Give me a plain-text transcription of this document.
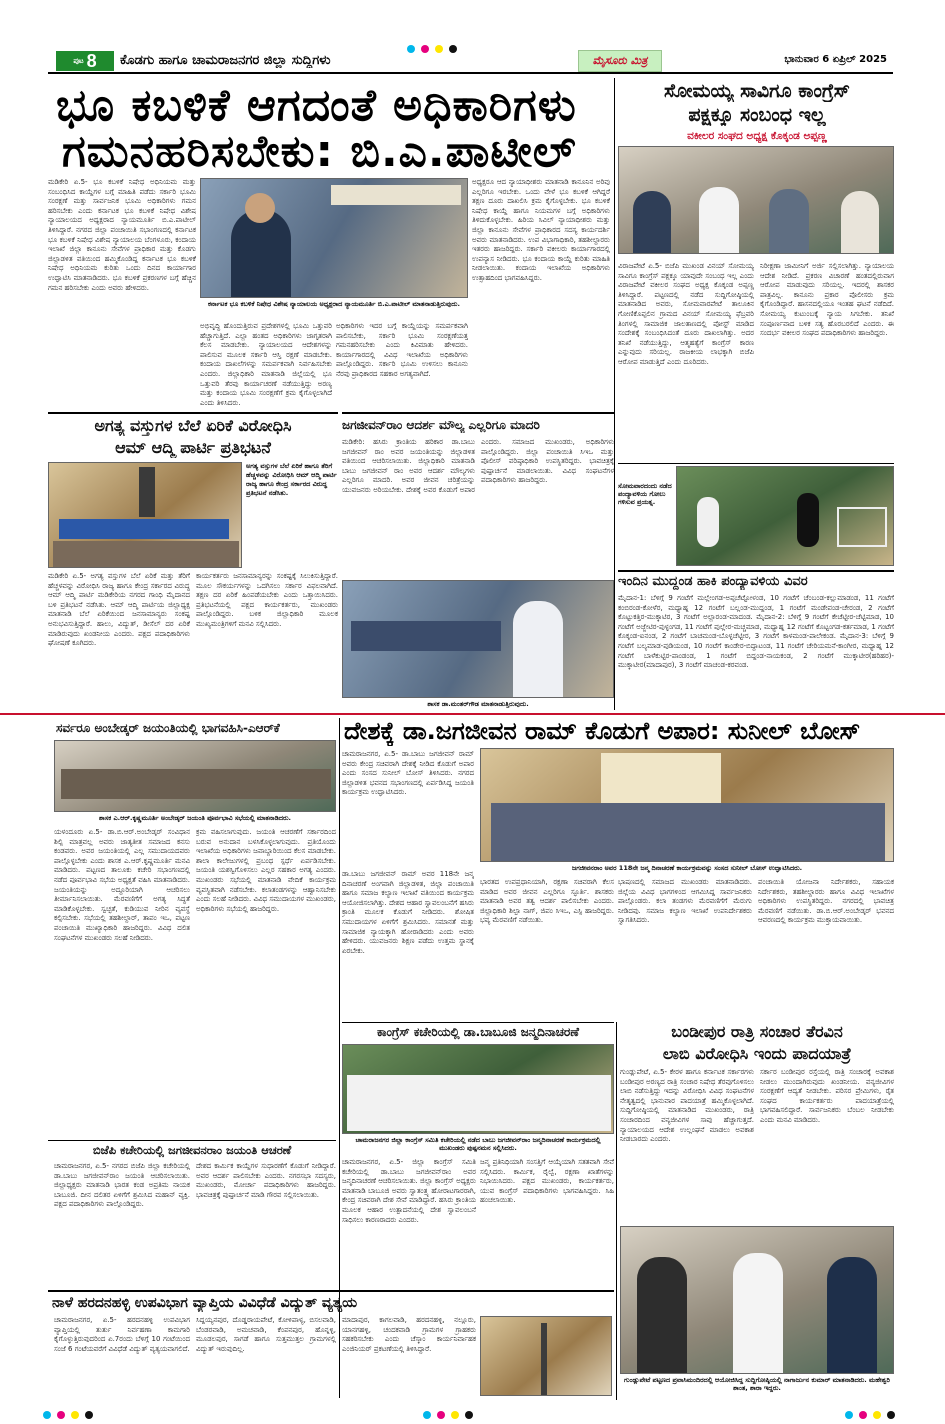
ಪುಟ 8 ಕೊಡಗು ಹಾಗೂ ಚಾಮರಾಜನಗರ ಜಿಲ್ಲಾ ಸುದ್ದಿಗಳು	ಮೈಸೂರು ಮಿತ್ರ	ಭಾನುವಾರ 6 ಏಪ್ರಿಲ್ 2025
ಭೂ ಕಬಳಿಕೆ ಆಗದಂತೆ ಅಧಿಕಾರಿಗಳು
ಗಮನಹರಿಸಬೇಕು: ಬಿ.ಎ.ಪಾಟೀಲ್
ಮಡಿಕೇರಿ ಏ.5- ಭೂ ಕಬಳಿಕೆ ನಿಷೇಧ ಅಧಿನಿಯಮ ಮತ್ತು ಸಂಬಂಧಿಸಿದ ಕಾಯ್ದೆಗಳ ಬಗ್ಗೆ ಮಾಹಿತಿ ಪಡೆದು ಸರ್ಕಾರಿ ಭೂಮಿ ಸಂರಕ್ಷಣೆ ಮತ್ತು ಸಾರ್ವಜನಿಕ ಭೂಮಿ ಅಧಿಕಾರಿಗಳು ಗಮನ ಹರಿಸಬೇಕು ಎಂದು ಕರ್ನಾಟಕ ಭೂ ಕಬಳಿಕೆ ನಿಷೇಧ ವಿಶೇಷ ನ್ಯಾಯಾಲಯದ ಅಧ್ಯಕ್ಷರಾದ ನ್ಯಾಯಮೂರ್ತಿ ಬಿ.ಎ.ಪಾಟೀಲ್ ತಿಳಿಸಿದ್ದಾರೆ. ನಗರದ ಜಿಲ್ಲಾ ಪಂಚಾಯಿತಿ ಸಭಾಂಗಣದಲ್ಲಿ ಕರ್ನಾಟಕ ಭೂ ಕಬಳಿಕೆ ನಿಷೇಧ ವಿಶೇಷ ನ್ಯಾಯಾಲಯ ಬೆಂಗಳೂರು, ಕಂದಾಯ ಇಲಾಖೆ ಜಿಲ್ಲಾ ಕಾನೂನು ಸೇವೆಗಳ ಪ್ರಾಧಿಕಾರ ಮತ್ತು ಕೊಡಗು ಜಿಲ್ಲಾಡಳಿತ ವತಿಯಿಂದ ಹಮ್ಮಿಕೊಂಡಿದ್ದ ಕರ್ನಾಟಕ ಭೂ ಕಬಳಿಕೆ ನಿಷೇಧ ಅಧಿನಿಯಮ ಕುರಿತು ಒಂದು ದಿನದ ಕಾರ್ಯಾಗಾರ ಉದ್ಘಾಟಿಸಿ ಮಾತನಾಡಿದರು. ಭೂ ಕಬಳಿಕೆ ಪ್ರಕರಣಗಳ ಬಗ್ಗೆ ಹೆಚ್ಚಿನ ಗಮನ ಹರಿಸಬೇಕು ಎಂದು ಅವರು ಹೇಳಿದರು.
ಕರ್ನಾಟಕ ಭೂ ಕಬಳಿಕೆ ನಿಷೇಧ ವಿಶೇಷ ನ್ಯಾಯಾಲಯ ಅಧ್ಯಕ್ಷರಾದ ನ್ಯಾಯಮೂರ್ತಿ ಬಿ.ಎ.ಪಾಟೀಲ್ ಮಾತನಾಡುತ್ತಿರುವುದು.
ಅಭಿವೃದ್ಧಿ ಹೊಂದುತ್ತಿರುವ ಪ್ರದೇಶಗಳಲ್ಲಿ ಭೂಮಿ ಒತ್ತುವರಿ ಹೆಚ್ಚಾಗುತ್ತಿದೆ. ಎಲ್ಲಾ ಹಂತದ ಅಧಿಕಾರಿಗಳು ಜಾಗೃತರಾಗಿ ಕೆಲಸ ಮಾಡಬೇಕು. ನ್ಯಾಯಾಲಯದ ಆದೇಶಗಳನ್ನು ಪಾಲಿಸುವ ಮೂಲಕ ಸರ್ಕಾರಿ ಆಸ್ತಿ ರಕ್ಷಣೆ ಮಾಡಬೇಕು. ಕಂದಾಯ ದಾಖಲೆಗಳನ್ನು ಸಮರ್ಪಕವಾಗಿ ನಿರ್ವಹಿಸಬೇಕು ಎಂದರು. ಜಿಲ್ಲಾಧಿಕಾರಿ ಮಾತನಾಡಿ ಜಿಲ್ಲೆಯಲ್ಲಿ ಭೂ ಒತ್ತುವರಿ ತೆರವು ಕಾರ್ಯಾಚರಣೆ ನಡೆಯುತ್ತಿದ್ದು ಅರಣ್ಯ ಮತ್ತು ಕಂದಾಯ ಭೂಮಿ ಸಂರಕ್ಷಣೆಗೆ ಕ್ರಮ ಕೈಗೊಳ್ಳಲಾಗಿದೆ ಎಂದು ತಿಳಿಸಿದರು.
ಅಧಿಕಾರಿಗಳು ಇದರ ಬಗ್ಗೆ ಕಾಯ್ದೆಯನ್ನು ಸಮರ್ಪಕವಾಗಿ ಪಾಲಿಸಬೇಕು, ಸರ್ಕಾರಿ ಭೂಮಿ ಸಂರಕ್ಷಣೆಯತ್ತ ಗಮನಹರಿಸಬೇಕು ಎಂದು ಕಿವಿಮಾತು ಹೇಳಿದರು. ಕಾರ್ಯಾಗಾರದಲ್ಲಿ ವಿವಿಧ ಇಲಾಖೆಯ ಅಧಿಕಾರಿಗಳು ಪಾಲ್ಗೊಂಡಿದ್ದರು. ಸರ್ಕಾರಿ ಭೂಮಿ ಉಳಿಸಲು ಕಾನೂನು ನೆರವು ಪ್ರಾಧಿಕಾರದ ಸಹಕಾರ ಅಗತ್ಯವಾಗಿದೆ.
ಅಧ್ಯಕ್ಷರೂ ಆದ ನ್ಯಾಯಾಧೀಶರು ಮಾತನಾಡಿ ಕಾನೂನಿನ ಅರಿವು ಎಲ್ಲರಿಗೂ ಇರಬೇಕು. ಒಂದು ವೇಳೆ ಭೂ ಕಬಳಿಕೆ ಆಗಿದ್ದರೆ ತಕ್ಷಣ ದೂರು ದಾಖಲಿಸಿ ಕ್ರಮ ಕೈಗೊಳ್ಳಬೇಕು. ಭೂ ಕಬಳಿಕೆ ನಿಷೇಧ ಕಾಯ್ದೆ ಹಾಗೂ ನಿಯಮಗಳ ಬಗ್ಗೆ ಅಧಿಕಾರಿಗಳು ತಿಳಿದುಕೊಳ್ಳಬೇಕು. ಹಿರಿಯ ಸಿವಿಲ್ ನ್ಯಾಯಾಧೀಶರು ಮತ್ತು ಜಿಲ್ಲಾ ಕಾನೂನು ಸೇವೆಗಳ ಪ್ರಾಧಿಕಾರದ ಸದಸ್ಯ ಕಾರ್ಯದರ್ಶಿ ಅವರು ಮಾತನಾಡಿದರು. ಉಪ ವಿಭಾಗಾಧಿಕಾರಿ, ತಹಶೀಲ್ದಾರರು ಇತರರು ಹಾಜರಿದ್ದರು. ಸರ್ಕಾರಿ ವಕೀಲರು ಕಾರ್ಯಾಗಾರದಲ್ಲಿ ಉಪನ್ಯಾಸ ನೀಡಿದರು. ಭೂ ಕಂದಾಯ ಕಾಯ್ದೆ ಕುರಿತು ಮಾಹಿತಿ ನೀಡಲಾಯಿತು. ಕಂದಾಯ ಇಲಾಖೆಯ ಅಧಿಕಾರಿಗಳು ಉತ್ಸಾಹದಿಂದ ಭಾಗವಹಿಸಿದ್ದರು.
ಸೋಮಯ್ಯ ಸಾವಿಗೂ ಕಾಂಗ್ರೆಸ್
ಪಕ್ಷಕ್ಕೂ ಸಂಬಂಧ ಇಲ್ಲ
ವಕೀಲರ ಸಂಘದ ಅಧ್ಯಕ್ಷ ಕೊಕ್ಕಂಡ ಅಪ್ಪಣ್ಣ
ವಿರಾಜಪೇಟೆ ಏ.5- ಬಿಜೆಪಿ ಮುಖಂಡ ವಿನಯ್ ಸೋಮಯ್ಯ ಸಾವಿಗೂ ಕಾಂಗ್ರೆಸ್ ಪಕ್ಷಕ್ಕೂ ಯಾವುದೇ ಸಂಬಂಧ ಇಲ್ಲ ಎಂದು ವಿರಾಜಪೇಟೆ ವಕೀಲರ ಸಂಘದ ಅಧ್ಯಕ್ಷ ಕೊಕ್ಕಂಡ ಅಪ್ಪಣ್ಣ ತಿಳಿಸಿದ್ದಾರೆ. ಪಟ್ಟಣದಲ್ಲಿ ನಡೆದ ಸುದ್ದಿಗೋಷ್ಠಿಯಲ್ಲಿ ಮಾತನಾಡಿದ ಅವರು, ಸೋಮವಾರಪೇಟೆ ತಾಲೂಕಿನ ಗೋಣಿಕೊಪ್ಪಲಿನ ಗ್ರಾಮದ ವಿನಯ್ ಸೋಮಯ್ಯ ಫೆಬ್ರವರಿ ತಿಂಗಳಲ್ಲಿ ಸಾಮಾಜಿಕ ಜಾಲತಾಣದಲ್ಲಿ ಪೋಸ್ಟ್ ಮಾಡಿದ ಸಂದೇಶಕ್ಕೆ ಸಂಬಂಧಿಸಿದಂತೆ ದೂರು ದಾಖಲಾಗಿತ್ತು. ಅದರ ತನಿಖೆ ನಡೆಯುತ್ತಿದ್ದು, ಆತ್ಮಹತ್ಯೆಗೆ ಕಾಂಗ್ರೆಸ್ ಕಾರಣ ಎನ್ನುವುದು ಸರಿಯಲ್ಲ. ರಾಜಕೀಯ ಲಾಭಕ್ಕಾಗಿ ಬಿಜೆಪಿ ಆರೋಪ ಮಾಡುತ್ತಿದೆ ಎಂದು ದೂರಿದರು.
ನಿರೀಕ್ಷಣಾ ಜಾಮೀನಿಗೆ ಅರ್ಜಿ ಸಲ್ಲಿಸಲಾಗಿತ್ತು. ನ್ಯಾಯಾಲಯ ಆದೇಶ ನೀಡಿದೆ. ಪ್ರಕರಣ ವಿಚಾರಣೆ ಹಂತದಲ್ಲಿರುವಾಗ ಆರೋಪ ಮಾಡುವುದು ಸರಿಯಲ್ಲ. ಇದರಲ್ಲಿ ಶಾಸಕರ ಪಾತ್ರವಿಲ್ಲ. ಕಾನೂನು ಪ್ರಕಾರ ಪೊಲೀಸರು ಕ್ರಮ ಕೈಗೊಂಡಿದ್ದಾರೆ. ಹಾಸನದಲ್ಲಿಯೂ ಇಂತಹ ಘಟನೆ ನಡೆದಿದೆ. ಸೋಮಯ್ಯ ಕುಟುಂಬಕ್ಕೆ ನ್ಯಾಯ ಸಿಗಬೇಕು. ತನಿಖೆ ಸಂಪೂರ್ಣವಾದ ಬಳಿಕ ಸತ್ಯ ಹೊರಬರಲಿದೆ ಎಂದರು. ಈ ಸಂದರ್ಭ ವಕೀಲರ ಸಂಘದ ಪದಾಧಿಕಾರಿಗಳು ಹಾಜರಿದ್ದರು.
ಸೋಮವಾರದಂದು ನಡೆದ ಪಂದ್ಯಾವಳಿಯ ಗೋಲು ಗಳಿಸುವ ಪ್ರಯತ್ನ.
ಅಗತ್ಯ ವಸ್ತುಗಳ ಬೆಲೆ ಏರಿಕೆ ವಿರೋಧಿಸಿ
ಆಮ್ ಆದ್ಮಿ ಪಾರ್ಟಿ ಪ್ರತಿಭಟನೆ
ಅಗತ್ಯ ವಸ್ತುಗಳ ಬೆಲೆ ಏರಿಕೆ ಹಾಗೂ ತೆರಿಗೆ ಹೆಚ್ಚಳವನ್ನು ವಿರೋಧಿಸಿ ಆಮ್ ಆದ್ಮಿ ಪಾರ್ಟಿ ರಾಜ್ಯ ಹಾಗೂ ಕೇಂದ್ರ ಸರ್ಕಾರದ ವಿರುದ್ಧ ಪ್ರತಿಭಟನೆ ನಡೆಸಿತು.
ಮಡಿಕೇರಿ ಏ.5- ಅಗತ್ಯ ವಸ್ತುಗಳ ಬೆಲೆ ಏರಿಕೆ ಮತ್ತು ತೆರಿಗೆ ಹೆಚ್ಚಳವನ್ನು ವಿರೋಧಿಸಿ ರಾಜ್ಯ ಹಾಗೂ ಕೇಂದ್ರ ಸರ್ಕಾರದ ವಿರುದ್ಧ ಆಮ್ ಆದ್ಮಿ ಪಾರ್ಟಿ ಮಡಿಕೇರಿಯ ನಗರದ ಗಾಂಧಿ ಮೈದಾನದ ಬಳಿ ಪ್ರತಿಭಟನೆ ನಡೆಸಿತು. ಆಮ್ ಆದ್ಮಿ ಪಾರ್ಟಿಯ ಜಿಲ್ಲಾಧ್ಯಕ್ಷ ಮಾತನಾಡಿ ಬೆಲೆ ಏರಿಕೆಯಿಂದ ಜನಸಾಮಾನ್ಯರು ಸಂಕಷ್ಟ ಅನುಭವಿಸುತ್ತಿದ್ದಾರೆ. ಹಾಲು, ವಿದ್ಯುತ್, ಡೀಸೆಲ್ ದರ ಏರಿಕೆ ಮಾಡಿರುವುದು ಖಂಡನೀಯ ಎಂದರು. ಪಕ್ಷದ ಪದಾಧಿಕಾರಿಗಳು ಘೋಷಣೆ ಕೂಗಿದರು.
ಕಾರ್ಯಕರ್ತರು ಜನಸಾಮಾನ್ಯರನ್ನು ಸಂಕಷ್ಟಕ್ಕೆ ಸಿಲುಕಿಸುತ್ತಿದ್ದಾರೆ. ಮೂಲ ಸೌಕರ್ಯಗಳನ್ನು ಒದಗಿಸಲು ಸರ್ಕಾರ ವಿಫಲವಾಗಿದೆ. ತಕ್ಷಣ ದರ ಏರಿಕೆ ಹಿಂಪಡೆಯಬೇಕು ಎಂದು ಒತ್ತಾಯಿಸಿದರು. ಪ್ರತಿಭಟನೆಯಲ್ಲಿ ಪಕ್ಷದ ಕಾರ್ಯಕರ್ತರು, ಮುಖಂಡರು ಪಾಲ್ಗೊಂಡಿದ್ದರು. ಬಳಿಕ ಜಿಲ್ಲಾಧಿಕಾರಿ ಮೂಲಕ ಮುಖ್ಯಮಂತ್ರಿಗಳಿಗೆ ಮನವಿ ಸಲ್ಲಿಸಿದರು.
ಜಗಜೀವನ್‌ರಾಂ ಆದರ್ಶ ಮೌಲ್ಯ ಎಲ್ಲರಿಗೂ ಮಾದರಿ
ಮಡಿಕೇರಿ: ಹಸಿರು ಕ್ರಾಂತಿಯ ಹರಿಕಾರ ಡಾ.ಬಾಬು ಜಗಜೀವನ್ ರಾಂ ಅವರ ಜಯಂತಿಯನ್ನು ಜಿಲ್ಲಾಡಳಿತ ವತಿಯಿಂದ ಆಚರಿಸಲಾಯಿತು. ಜಿಲ್ಲಾಧಿಕಾರಿ ಮಾತನಾಡಿ ಬಾಬು ಜಗಜೀವನ್ ರಾಂ ಅವರ ಆದರ್ಶ ಮೌಲ್ಯಗಳು ಎಲ್ಲರಿಗೂ ಮಾದರಿ. ಅವರ ಜೀವನ ಚರಿತ್ರೆಯನ್ನು ಯುವಜನರು ಅರಿಯಬೇಕು. ದೇಶಕ್ಕೆ ಅವರ ಕೊಡುಗೆ ಅಪಾರ ಎಂದರು. ಸಮಾಜದ ಮುಖಂಡರು, ಅಧಿಕಾರಿಗಳು ಪಾಲ್ಗೊಂಡಿದ್ದರು. ಜಿಲ್ಲಾ ಪಂಚಾಯಿತಿ ಸಿಇಒ ಮತ್ತು ಪೊಲೀಸ್ ವರಿಷ್ಠಾಧಿಕಾರಿ ಉಪಸ್ಥಿತರಿದ್ದರು. ಭಾವಚಿತ್ರಕ್ಕೆ ಪುಷ್ಪಾರ್ಚನೆ ಮಾಡಲಾಯಿತು. ವಿವಿಧ ಸಂಘಟನೆಗಳ ಪದಾಧಿಕಾರಿಗಳು ಹಾಜರಿದ್ದರು.
ಶಾಸಕ ಡಾ.ಮಂತರ್‌ಗೌಡ ಮಾತನಾಡುತ್ತಿರುವುದು.
ಇಂದಿನ ಮುದ್ದಂಡ ಹಾಕಿ ಪಂದ್ಯಾವಳಿಯ ವಿವರ
ಮೈದಾನ-1: ಬೆಳಿಗ್ಗೆ 9 ಗಂಟೆಗೆ ಮಲ್ಲೇಂಗಡ-ಅಪ್ಪಚೆಟ್ಟೋಳಂಡ, 10 ಗಂಟೆಗೆ ಚೆಂಬಂಡ-ಕಲ್ಲುಮಾಡಂಡ, 11 ಗಂಟೆಗೆ ಕಂಬಿರಂಡ-ಕೋಳೆರ, ಮಧ್ಯಾಹ್ನ 12 ಗಂಟೆಗೆ ಬಲ್ಲಂಡ-ಮುದ್ದಂಡ, 1 ಗಂಟೆಗೆ ಮಂಡೇಪಂಡ-ಚೇರಂಡ, 2 ಗಂಟೆಗೆ ಕೊಟ್ಟುಕತ್ತಿರ-ಮುಕ್ಕಾಟಿರ, 3 ಗಂಟೆಗೆ ಅಲ್ಲಾರಂಡ-ಮಾದಂಡ. ಮೈದಾನ-2: ಬೆಳಿಗ್ಗೆ 9 ಗಂಟೆಗೆ ಕೇಚೆಟ್ಟೀರ-ಚೆಟ್ಟಿಮಾಡ, 10 ಗಂಟೆಗೆ ಅಜ್ಜೇಟಿರ-ಪುಳ್ಳಂಗಡ, 11 ಗಂಟೆಗೆ ಪುಲ್ಲೇರ-ಮಚ್ಚಮಾಡ, ಮಧ್ಯಾಹ್ನ 12 ಗಂಟೆಗೆ ಕೊಟ್ಟಂಗಡ-ಕರ್ತಮಾಡ, 1 ಗಂಟೆಗೆ ಕೊಕ್ಕಂಡ-ಐನಂಡ, 2 ಗಂಟೆಗೆ ಬಾಚಮಂಡ-ಬೊಳ್ಳಚೆಟ್ಟೀರ, 3 ಗಂಟೆಗೆ ಕಾಳಮಂಡ-ಪಾಲೇಕಂಡ. ಮೈದಾನ-3: ಬೆಳಿಗ್ಗೆ 9 ಗಂಟೆಗೆ ಬಲ್ಯಮಾಡ-ಪುಡಿಯಂಡ, 10 ಗಂಟೆಗೆ ಕಾಂಡೇರ-ಬಿದ್ದಾಟಂಡ, 11 ಗಂಟೆಗೆ ಚೇರಿಯಮನೆ-ಕಾಂಗೀರ, ಮಧ್ಯಾಹ್ನ 12 ಗಂಟೆಗೆ ಬಾಳೆಕುಟ್ಟಿರ-ಪಾಂಡಂಡ, 1 ಗಂಟೆಗೆ ಬಿದ್ದಂಡ-ನಾಯಕಂಡ, 2 ಗಂಟೆಗೆ ಮುಕ್ಕಾಟೀರ(ಹರಿಹರ)-ಮುಕ್ಕಾಟೀರ(ಮಾದಾಪುರ), 3 ಗಂಟೆಗೆ ಮಾಚಂಡ-ಕರವಂಡ.
ಸರ್ವರೂ ಅಂಬೇಡ್ಕರ್ ಜಯಂತಿಯಲ್ಲಿ ಭಾಗವಹಿಸಿ-ಎಆರ್‌ಕೆ
ಶಾಸಕ ಎ.ಆರ್.ಕೃಷ್ಣಮೂರ್ತಿ ಅಂಬೇಡ್ಕರ್ ಜಯಂತಿ ಪೂರ್ವಭಾವಿ ಸಭೆಯಲ್ಲಿ ಮಾತನಾಡಿದರು.
ಯಳಂದೂರು ಏ.5- ಡಾ.ಬಿ.ಆರ್.ಅಂಬೇಡ್ಕರ್ ಸಂವಿಧಾನ ಶಿಲ್ಪಿ ಮಾತ್ರವಲ್ಲ ಅವರು ಜಾತ್ಯತೀತ ಸಮಾಜದ ಕನಸು ಕಂಡವರು. ಅವರ ಜಯಂತಿಯಲ್ಲಿ ಎಲ್ಲ ಸಮುದಾಯದವರು ಪಾಲ್ಗೊಳ್ಳಬೇಕು ಎಂದು ಶಾಸಕ ಎ.ಆರ್.ಕೃಷ್ಣಮೂರ್ತಿ ಮನವಿ ಮಾಡಿದರು. ಪಟ್ಟಣದ ತಾಲೂಕು ಕಚೇರಿ ಸಭಾಂಗಣದಲ್ಲಿ ನಡೆದ ಪೂರ್ವಭಾವಿ ಸಭೆಯ ಅಧ್ಯಕ್ಷತೆ ವಹಿಸಿ ಮಾತನಾಡಿದರು. ಜಯಂತಿಯನ್ನು ಅದ್ದೂರಿಯಾಗಿ ಆಚರಿಸಲು ತೀರ್ಮಾನಿಸಲಾಯಿತು. ಮೆರವಣಿಗೆಗೆ ಅಗತ್ಯ ಸಿದ್ಧತೆ ಮಾಡಿಕೊಳ್ಳಬೇಕು. ಸ್ವಚ್ಛತೆ, ಕುಡಿಯುವ ನೀರಿನ ವ್ಯವಸ್ಥೆ ಕಲ್ಪಿಸಬೇಕು. ಸಭೆಯಲ್ಲಿ ತಹಶೀಲ್ದಾರ್, ತಾಪಂ ಇಒ, ಪಟ್ಟಣ ಪಂಚಾಯಿತಿ ಮುಖ್ಯಾಧಿಕಾರಿ ಹಾಜರಿದ್ದರು. ವಿವಿಧ ದಲಿತ ಸಂಘಟನೆಗಳ ಮುಖಂಡರು ಸಲಹೆ ನೀಡಿದರು.
ಕ್ರಮ ವಹಿಸಲಾಗುವುದು. ಜಯಂತಿ ಆಚರಣೆಗೆ ಸರ್ಕಾರದಿಂದ ಬರುವ ಅನುದಾನ ಬಳಸಿಕೊಳ್ಳಲಾಗುವುದು. ಪ್ರತಿಯೊಂದು ಇಲಾಖೆಯ ಅಧಿಕಾರಿಗಳು ಜವಾಬ್ದಾರಿಯಿಂದ ಕೆಲಸ ಮಾಡಬೇಕು. ಶಾಲಾ ಕಾಲೇಜುಗಳಲ್ಲಿ ಪ್ರಬಂಧ ಸ್ಪರ್ಧೆ ಏರ್ಪಡಿಸಬೇಕು. ಜಯಂತಿ ಯಶಸ್ವಿಗೊಳಿಸಲು ಎಲ್ಲರ ಸಹಕಾರ ಅಗತ್ಯ ಎಂದರು. ಮುಖಂಡರು ಸಭೆಯಲ್ಲಿ ಮಾತನಾಡಿ ವೇದಿಕೆ ಕಾರ್ಯಕ್ರಮ ವ್ಯವಸ್ಥಿತವಾಗಿ ನಡೆಸಬೇಕು. ಕಲಾತಂಡಗಳನ್ನು ಆಹ್ವಾನಿಸಬೇಕು ಎಂದು ಸಲಹೆ ನೀಡಿದರು. ವಿವಿಧ ಸಮುದಾಯಗಳ ಮುಖಂಡರು, ಅಧಿಕಾರಿಗಳು ಸಭೆಯಲ್ಲಿ ಹಾಜರಿದ್ದರು.
ದೇಶಕ್ಕೆ ಡಾ.ಜಗಜೀವನ ರಾಮ್ ಕೊಡುಗೆ ಅಪಾರ: ಸುನೀಲ್ ಬೋಸ್
ಚಾಮರಾಜನಗರ, ಏ.5- ಡಾ.ಬಾಬು ಜಗಜೀವನ್ ರಾಮ್ ಅವರು ಕೇಂದ್ರ ಸಚಿವರಾಗಿ ದೇಶಕ್ಕೆ ನೀಡಿದ ಕೊಡುಗೆ ಅಪಾರ ಎಂದು ಸಂಸದ ಸುನೀಲ್ ಬೋಸ್ ತಿಳಿಸಿದರು. ನಗರದ ಜಿಲ್ಲಾಡಳಿತ ಭವನದ ಸಭಾಂಗಣದಲ್ಲಿ ಏರ್ಪಡಿಸಿದ್ದ ಜಯಂತಿ ಕಾರ್ಯಕ್ರಮ ಉದ್ಘಾಟಿಸಿದರು.
ಜಗಜೀವನರಾಂ ಅವರ 118ನೇ ಜನ್ಮ ದಿನಾಚರಣೆ ಕಾರ್ಯಕ್ರಮವನ್ನು ಸಂಸದ ಸುನೀಲ್ ಬೋಸ್ ಉದ್ಘಾಟಿಸಿದರು.
ಡಾ.ಬಾಬು ಜಗಜೀವನ್ ರಾಮ್ ಅವರ 118ನೇ ಜನ್ಮ ದಿನಾಚರಣೆ ಅಂಗವಾಗಿ ಜಿಲ್ಲಾಡಳಿತ, ಜಿಲ್ಲಾ ಪಂಚಾಯಿತಿ ಹಾಗೂ ಸಮಾಜ ಕಲ್ಯಾಣ ಇಲಾಖೆ ವತಿಯಿಂದ ಕಾರ್ಯಕ್ರಮ ಆಯೋಜಿಸಲಾಗಿತ್ತು. ದೇಶದ ಆಹಾರ ಸ್ವಾವಲಂಬನೆಗೆ ಹಸಿರು ಕ್ರಾಂತಿ ಮೂಲಕ ಕೊಡುಗೆ ನೀಡಿದರು. ಶೋಷಿತ ಸಮುದಾಯಗಳ ಏಳಿಗೆಗೆ ಶ್ರಮಿಸಿದರು. ಸಮಾನತೆ ಮತ್ತು ಸಾಮಾಜಿಕ ನ್ಯಾಯಕ್ಕಾಗಿ ಹೋರಾಡಿದರು ಎಂದು ಅವರು ಹೇಳಿದರು. ಯುವಜನರು ಶಿಕ್ಷಣ ಪಡೆದು ಉತ್ತಮ ಸ್ಥಾನಕ್ಕೆ ಏರಬೇಕು.
ಭಾರತದ ಉಪಪ್ರಧಾನಿಯಾಗಿ, ರಕ್ಷಣಾ ಸಚಿವರಾಗಿ ಕೆಲಸ ಮಾಡಿದ ಅವರ ಜೀವನ ಎಲ್ಲರಿಗೂ ಸ್ಫೂರ್ತಿ. ಶಾಸಕರು ಮಾತನಾಡಿ ಅವರ ತತ್ವ ಆದರ್ಶ ಪಾಲಿಸಬೇಕು ಎಂದರು. ಜಿಲ್ಲಾಧಿಕಾರಿ ಶಿಲ್ಪಾ ನಾಗ್, ಜಿಪಂ ಸಿಇಒ, ಎಸ್ಪಿ ಹಾಜರಿದ್ದರು. ಭವ್ಯ ಮೆರವಣಿಗೆ ನಡೆಯಿತು.
ಭಾಷಣದಲ್ಲಿ ಸಮಾಜದ ಮುಖಂಡರು ಮಾತನಾಡಿದರು. ಜಿಲ್ಲೆಯ ವಿವಿಧ ಭಾಗಗಳಿಂದ ಆಗಮಿಸಿದ್ದ ಸಾರ್ವಜನಿಕರು ಪಾಲ್ಗೊಂಡರು. ಕಲಾ ತಂಡಗಳು ಮೆರವಣಿಗೆಗೆ ಮೆರುಗು ನೀಡಿದವು. ಸಮಾಜ ಕಲ್ಯಾಣ ಇಲಾಖೆ ಉಪನಿರ್ದೇಶಕರು ಸ್ವಾಗತಿಸಿದರು.
ಪಂಚಾಯಿತಿ ಯೋಜನಾ ನಿರ್ದೇಶಕರು, ಸಹಾಯಕ ನಿರ್ದೇಶಕರು, ತಹಶೀಲ್ದಾರರು ಹಾಗೂ ವಿವಿಧ ಇಲಾಖೆಗಳ ಅಧಿಕಾರಿಗಳು ಉಪಸ್ಥಿತರಿದ್ದರು. ನಗರದಲ್ಲಿ ಭಾವಚಿತ್ರ ಮೆರವಣಿಗೆ ನಡೆಯಿತು. ಡಾ.ಬಿ.ಆರ್.ಅಂಬೇಡ್ಕರ್ ಭವನದ ಆವರಣದಲ್ಲಿ ಕಾರ್ಯಕ್ರಮ ಮುಕ್ತಾಯವಾಯಿತು.
ಕಾಂಗ್ರೆಸ್ ಕಚೇರಿಯಲ್ಲಿ ಡಾ.ಬಾಬೂಜಿ ಜನ್ಮದಿನಾಚರಣೆ
ಚಾಮರಾಜನಗರ ಜಿಲ್ಲಾ ಕಾಂಗ್ರೆಸ್ ಸಮಿತಿ ಕಚೇರಿಯಲ್ಲಿ ನಡೆದ ಬಾಬು ಜಗಜೀವನ್‌ರಾಂ ಜನ್ಮದಿನಾಚರಣೆ ಕಾರ್ಯಕ್ರಮದಲ್ಲಿ ಮುಖಂಡರು ಪುಷ್ಪನಮನ ಸಲ್ಲಿಸಿದರು.
ಚಾಮರಾಜನಗರ, ಏ.5- ಜಿಲ್ಲಾ ಕಾಂಗ್ರೆಸ್ ಸಮಿತಿ ಕಚೇರಿಯಲ್ಲಿ ಡಾ.ಬಾಬು ಜಗಜೀವನ್‌ರಾಂ ಅವರ ಜನ್ಮದಿನಾಚರಣೆ ಆಚರಿಸಲಾಯಿತು. ಜಿಲ್ಲಾ ಕಾಂಗ್ರೆಸ್ ಅಧ್ಯಕ್ಷರು ಮಾತನಾಡಿ ಬಾಬೂಜಿ ಅವರು ಸ್ವಾತಂತ್ರ್ಯ ಹೋರಾಟಗಾರರಾಗಿ, ಕೇಂದ್ರ ಸಚಿವರಾಗಿ ದೇಶ ಸೇವೆ ಮಾಡಿದ್ದಾರೆ. ಹಸಿರು ಕ್ರಾಂತಿಯ ಮೂಲಕ ಆಹಾರ ಉತ್ಪಾದನೆಯಲ್ಲಿ ದೇಶ ಸ್ವಾವಲಂಬನೆ ಸಾಧಿಸಲು ಕಾರಣರಾದರು ಎಂದರು.
ಜನ್ಮ ಪ್ರತಿನಿಧಿಯಾಗಿ ಸಂಸತ್ತಿಗೆ ಆಯ್ಕೆಯಾಗಿ ಸತತವಾಗಿ ಸೇವೆ ಸಲ್ಲಿಸಿದರು. ಕಾರ್ಮಿಕ, ರೈಲ್ವೆ, ರಕ್ಷಣಾ ಖಾತೆಗಳನ್ನು ನಿಭಾಯಿಸಿದರು. ಪಕ್ಷದ ಮುಖಂಡರು, ಕಾರ್ಯಕರ್ತರು, ಯುವ ಕಾಂಗ್ರೆಸ್ ಪದಾಧಿಕಾರಿಗಳು ಭಾಗವಹಿಸಿದ್ದರು. ಸಿಹಿ ಹಂಚಲಾಯಿತು.
ಬಿಜೆಪಿ ಕಚೇರಿಯಲ್ಲಿ ಜಗಜೀವನರಾಂ ಜಯಂತಿ ಆಚರಣೆ
ಚಾಮರಾಜನಗರ, ಏ.5- ನಗರದ ಬಿಜೆಪಿ ಜಿಲ್ಲಾ ಕಚೇರಿಯಲ್ಲಿ ಡಾ.ಬಾಬು ಜಗಜೀವನ್‌ರಾಂ ಜಯಂತಿ ಆಚರಿಸಲಾಯಿತು. ಜಿಲ್ಲಾಧ್ಯಕ್ಷರು ಮಾತನಾಡಿ ಭಾರತ ಕಂಡ ಅಪ್ರತಿಮ ನಾಯಕ ಬಾಬೂಜಿ. ದೀನ ದಲಿತರ ಏಳಿಗೆಗೆ ಶ್ರಮಿಸಿದ ಮಹಾನ್ ವ್ಯಕ್ತಿ. ಪಕ್ಷದ ಪದಾಧಿಕಾರಿಗಳು ಪಾಲ್ಗೊಂಡಿದ್ದರು.
ದೇಶದ ಕಾರ್ಮಿಕ ಕಾಯ್ದೆಗಳ ಸುಧಾರಣೆಗೆ ಕೊಡುಗೆ ನೀಡಿದ್ದಾರೆ. ಅವರ ಆದರ್ಶ ಪಾಲಿಸಬೇಕು ಎಂದರು. ನಗರಸಭಾ ಸದಸ್ಯರು, ಮುಖಂಡರು, ಮೋರ್ಚಾ ಪದಾಧಿಕಾರಿಗಳು ಹಾಜರಿದ್ದರು. ಭಾವಚಿತ್ರಕ್ಕೆ ಪುಷ್ಪಾರ್ಚನೆ ಮಾಡಿ ಗೌರವ ಸಲ್ಲಿಸಲಾಯಿತು.
ಬಂಡೀಪುರ ರಾತ್ರಿ ಸಂಚಾರ ತೆರವಿನ
ಲಾಬಿ ವಿರೋಧಿಸಿ ಇಂದು ಪಾದಯಾತ್ರೆ
ಗುಂಡ್ಲುಪೇಟೆ, ಏ.5- ಕೇರಳ ಹಾಗೂ ಕರ್ನಾಟಕ ಸರ್ಕಾರಗಳು ಬಂಡೀಪುರ ಅರಣ್ಯದ ರಾತ್ರಿ ಸಂಚಾರ ನಿಷೇಧ ತೆರವುಗೊಳಿಸಲು ಲಾಬಿ ನಡೆಸುತ್ತಿದ್ದು ಇದನ್ನು ವಿರೋಧಿಸಿ ವಿವಿಧ ಸಂಘಟನೆಗಳ ನೇತೃತ್ವದಲ್ಲಿ ಭಾನುವಾರ ಪಾದಯಾತ್ರೆ ಹಮ್ಮಿಕೊಳ್ಳಲಾಗಿದೆ. ಸುದ್ದಿಗೋಷ್ಠಿಯಲ್ಲಿ ಮಾತನಾಡಿದ ಮುಖಂಡರು, ರಾತ್ರಿ ಸಂಚಾರದಿಂದ ವನ್ಯಜೀವಿಗಳ ಸಾವು ಹೆಚ್ಚಾಗುತ್ತದೆ. ನ್ಯಾಯಾಲಯದ ಆದೇಶ ಉಲ್ಲಂಘನೆ ಮಾಡಲು ಅವಕಾಶ ನೀಡಬಾರದು ಎಂದರು.
ಸರ್ಕಾರ ಬಂಡೀಪುರ ರಸ್ತೆಯಲ್ಲಿ ರಾತ್ರಿ ಸಂಚಾರಕ್ಕೆ ಅವಕಾಶ ನೀಡಲು ಮುಂದಾಗಿರುವುದು ಖಂಡನೀಯ. ವನ್ಯಜೀವಿಗಳ ಸಂರಕ್ಷಣೆಗೆ ಆದ್ಯತೆ ನೀಡಬೇಕು. ಪರಿಸರ ಪ್ರೇಮಿಗಳು, ರೈತ ಸಂಘದ ಕಾರ್ಯಕರ್ತರು ಪಾದಯಾತ್ರೆಯಲ್ಲಿ ಭಾಗವಹಿಸಲಿದ್ದಾರೆ. ಸಾರ್ವಜನಿಕರು ಬೆಂಬಲ ನೀಡಬೇಕು ಎಂದು ಮನವಿ ಮಾಡಿದರು.
ಗುಂಡ್ಲುಪೇಟೆ ಪಟ್ಟಣದ ಪ್ರವಾಸಿಮಂದಿರದಲ್ಲಿ ಆಯೋಜಿಸಿದ್ದ ಸುದ್ದಿಗೋಷ್ಠಿಯಲ್ಲಿ ನಾಗಾರ್ಜುನ ಕುಮಾರ್ ಮಾತನಾಡಿದರು. ಮಹೇಶ್ವರಿ ಶಾಂತ, ಶಾರಾ ಇದ್ದರು.
ನಾಳೆ ಹರದನಹಳ್ಳಿ ಉಪವಿಭಾಗ ವ್ಯಾಪ್ತಿಯ ವಿವಿಧೆಡೆ ವಿದ್ಯುತ್ ವ್ಯತ್ಯಯ
ಚಾಮರಾಜನಗರ, ಏ.5- ಹರದನಹಳ್ಳಿ ಉಪವಿಭಾಗ ವ್ಯಾಪ್ತಿಯಲ್ಲಿ ತುರ್ತು ನಿರ್ವಹಣಾ ಕಾಮಗಾರಿ ಕೈಗೊಳ್ಳುತ್ತಿರುವುದರಿಂದ ಏ.7ರಂದು ಬೆಳಿಗ್ಗೆ 10 ಗಂಟೆಯಿಂದ ಸಂಜೆ 6 ಗಂಟೆಯವರೆಗೆ ವಿವಿಧೆಡೆ ವಿದ್ಯುತ್ ವ್ಯತ್ಯಯವಾಗಲಿದೆ.
ಸಿದ್ದಯ್ಯನಪುರ, ದೊಡ್ಡರಾಯಪೇಟೆ, ಕೋಳಿಪಾಳ್ಯ, ಬಿಸಲವಾಡಿ, ಬೆಂಡರವಾಡಿ, ಅಮಚವಾಡಿ, ಕೆಂಪನಪುರ, ಹೊನ್ನಳ್ಳಿ, ಮೂಡಲಪುರ, ಸಾಗಡೆ ಹಾಗೂ ಸುತ್ತಮುತ್ತಲ ಗ್ರಾಮಗಳಲ್ಲಿ ವಿದ್ಯುತ್ ಇರುವುದಿಲ್ಲ.
ಮಾದಾಪುರ, ಕಾಗಲವಾಡಿ, ಹರದನಹಳ್ಳಿ, ನಲ್ಲೂರು, ಯಾನಗಹಳ್ಳಿ, ಚಂದಕವಾಡಿ ಗ್ರಾಮಗಳ ಗ್ರಾಹಕರು ಸಹಕರಿಸಬೇಕು ಎಂದು ಚೆಸ್ಕಾಂ ಕಾರ್ಯನಿರ್ವಾಹಕ ಎಂಜಿನಿಯರ್ ಪ್ರಕಟಣೆಯಲ್ಲಿ ತಿಳಿಸಿದ್ದಾರೆ.
